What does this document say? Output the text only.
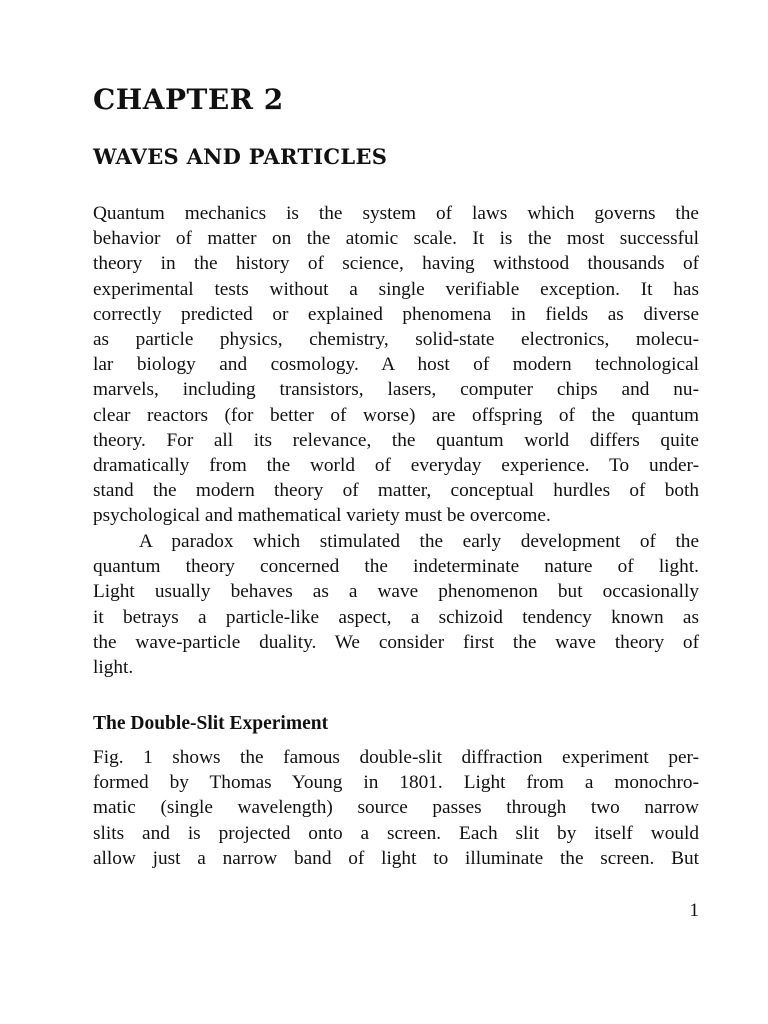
CHAPTER 2
WAVES AND PARTICLES
Quantum mechanics is the system of laws which governs the
behavior of matter on the atomic scale. It is the most successful
theory in the history of science, having withstood thousands of
experimental tests without a single verifiable exception. It has
correctly predicted or explained phenomena in fields as diverse
as particle physics, chemistry, solid-state electronics, molecu-
lar biology and cosmology. A host of modern technological
marvels, including transistors, lasers, computer chips and nu-
clear reactors (for better of worse) are offspring of the quantum
theory. For all its relevance, the quantum world differs quite
dramatically from the world of everyday experience. To under-
stand the modern theory of matter, conceptual hurdles of both
psychological and mathematical variety must be overcome.
A paradox which stimulated the early development of the
quantum theory concerned the indeterminate nature of light.
Light usually behaves as a wave phenomenon but occasionally
it betrays a particle-like aspect, a schizoid tendency known as
the wave-particle duality. We consider first the wave theory of
light.
The Double-Slit Experiment
Fig. 1 shows the famous double-slit diffraction experiment per-
formed by Thomas Young in 1801. Light from a monochro-
matic (single wavelength) source passes through two narrow
slits and is projected onto a screen. Each slit by itself would
allow just a narrow band of light to illuminate the screen. But
1
